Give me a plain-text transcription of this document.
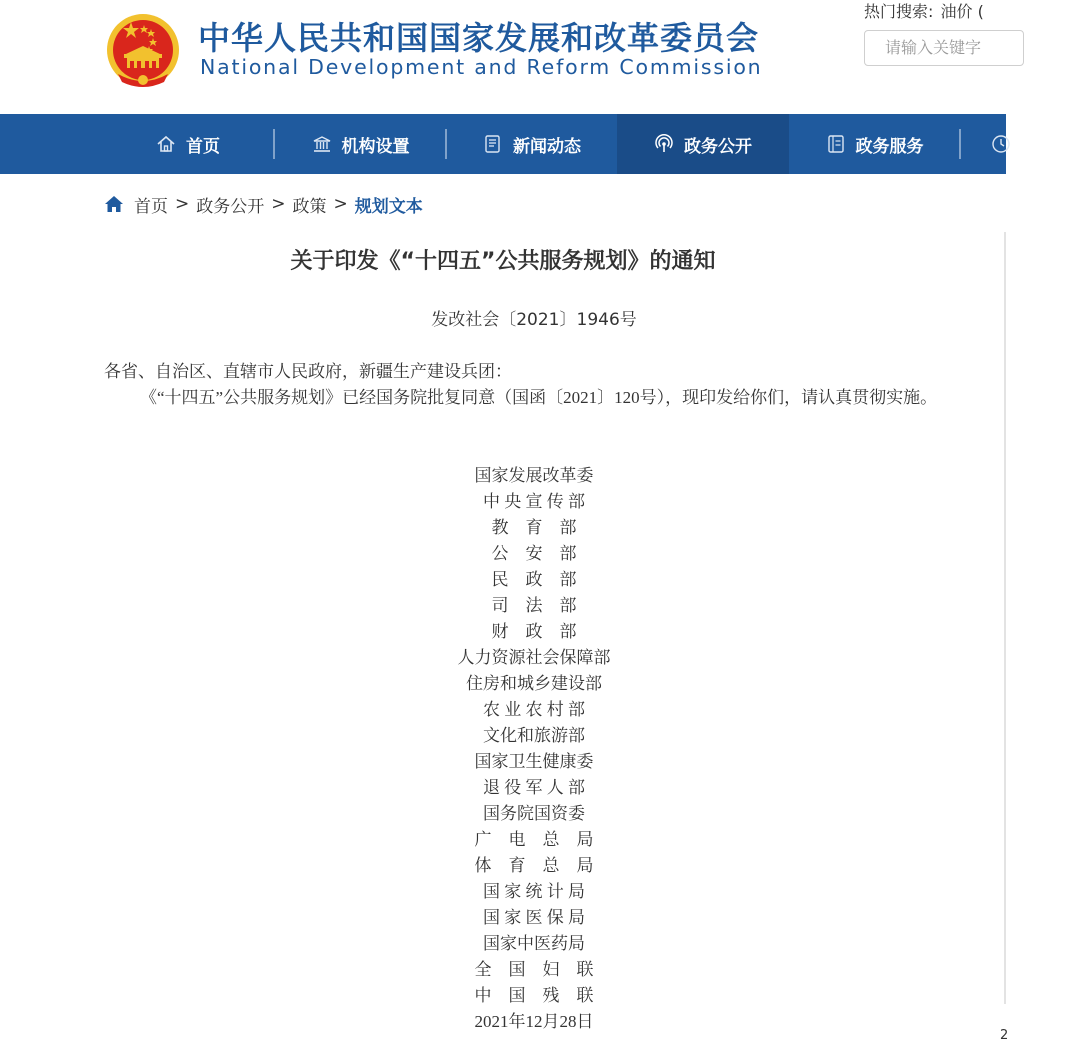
中华人民共和国国家发展和改革委员会
National Development and Reform Commission
热门搜索: 油价 (
请输入关键字
首页	机构设置	新闻动态	政务公开	政务服务
首页 > 政务公开 > 政策 > 规划文本
关于印发《“十四五”公共服务规划》的通知
发改社会〔2021〕1946号
各省、自治区、直辖市人民政府，新疆生产建设兵团：
《“十四五”公共服务规划》已经国务院批复同意（国函〔2021〕120号），现印发给你们，请认真贯彻实施。
国家发展改革委
中 央 宣 传 部
教    育    部
公    安    部
民    政    部
司    法    部
财    政    部
人力资源社会保障部
住房和城乡建设部
农 业 农 村 部
文化和旅游部
国家卫生健康委
退 役 军 人 部
国务院国资委
广    电    总    局
体    育    总    局
国 家 统 计 局
国 家 医 保 局
国家中医药局
全    国    妇    联
中    国    残    联
2021年12月28日
2
